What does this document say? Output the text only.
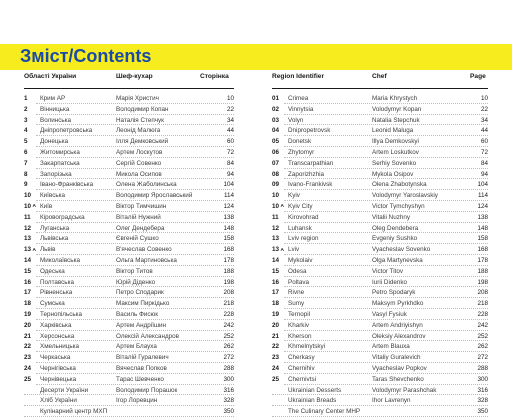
Зміст/Contents
Області України	Шеф-кухар	Сторінка
1 Крим АР	Марія Христич	10
2 Вінницька	Володимир Копан	22
3 Волинська	Наталія Степчук	34
4 Дніпропетровська	Леонід Малюга	44
5 Донецька	Ілля Демковський	60
6 Житомирська	Артем Лоскутов	72
7 Закарпатська	Сергій Совенко	84
8 Запорізька	Микола Осипов	94
9 Івано-Франківська	Олена Жаболинська	104
10 Київська	Володимир Ярославський	114
10 А Київ	Віктор Тимчишин	124
11 Кіровоградська	Віталій Нужний	138
12 Луганська	Олег Дендебера	148
13 Львівська	Євгеній Сушко	158
13 А Львів	В'ячеслав Совенко	168
14 Миколаївська	Ольга Мартиновська	178
15 Одеська	Віктор Титов	188
16 Полтавська	Юрій Діденко	198
17 Рівненська	Петро Сподарик	208
18 Сумська	Максим Пиркідько	218
19 Тернопільська	Василь Фисюк	228
20 Харківська	Артем Андріїшин	242
21 Херсонська	Олексій Александров	252
22 Хмельницька	Артем Блауха	262
23 Черкаська	Віталій Гуралевич	272
24 Чернігівська	Вячеслав Попков	288
25 Чернівецька	Тарас Шевченко	300
Десерти України	Володимир Порашок	316
Хліб України	Ігор Лоревцин	328
Кулінарний центр МХП	350
Region Identifier	Chef	Page
01 Crimea	Maria Khrystych	10
02 Vinnytsia	Volodymyr Kopan	22
03 Volyn	Natalia Stepchuk	34
04 Dnipropetrovsk	Leonid Maluga	44
05 Donetsk	Illya Demkovskyi	60
06 Zhytomyr	Artem Loskutkov	72
07 Transcarpathian	Serhiy Sovenko	84
08 Zaporizhzhia	Mykola Osipov	94
09 Ivano-Frankivsk	Olena Zhabotynska	104
10 Kyiv	Volodymyr Yaroslavskiy	114
10 A Kyiv City	Victor Tymchyshyn	124
11 Kirovohrad	Vitalii Nuzhny	138
12 Luhansk	Oleg Dendebera	148
13 Lviv region	Evgeniy Sushko	158
13 A Lviv	Vyacheslav Sovenko	168
14 Mykolaiv	Olga Martynevska	178
15 Odesa	Victor Titov	188
16 Poltava	Iurii Didenko	198
17 Rivne	Petro Spodaryk	208
18 Sumy	Maksym Pyrkhdko	218
19 Ternopil	Vasyl Fysiuk	228
20 Kharkiv	Artem Andriyishyn	242
21 Kherson	Oleksiy Alexandrov	252
22 Khmelnytskyi	Artem Blauxa	262
23 Cherkasy	Vitaliy Guralevich	272
24 Chernihiv	Vyacheslav Popkov	288
25 Chernivtsi	Taras Shevchenko	300
Ukrainian Desserts	Volodymyr Parashchak	316
Ukrainian Breads	Ihor Lavrenyn	328
The Culinary Center MHP	350
